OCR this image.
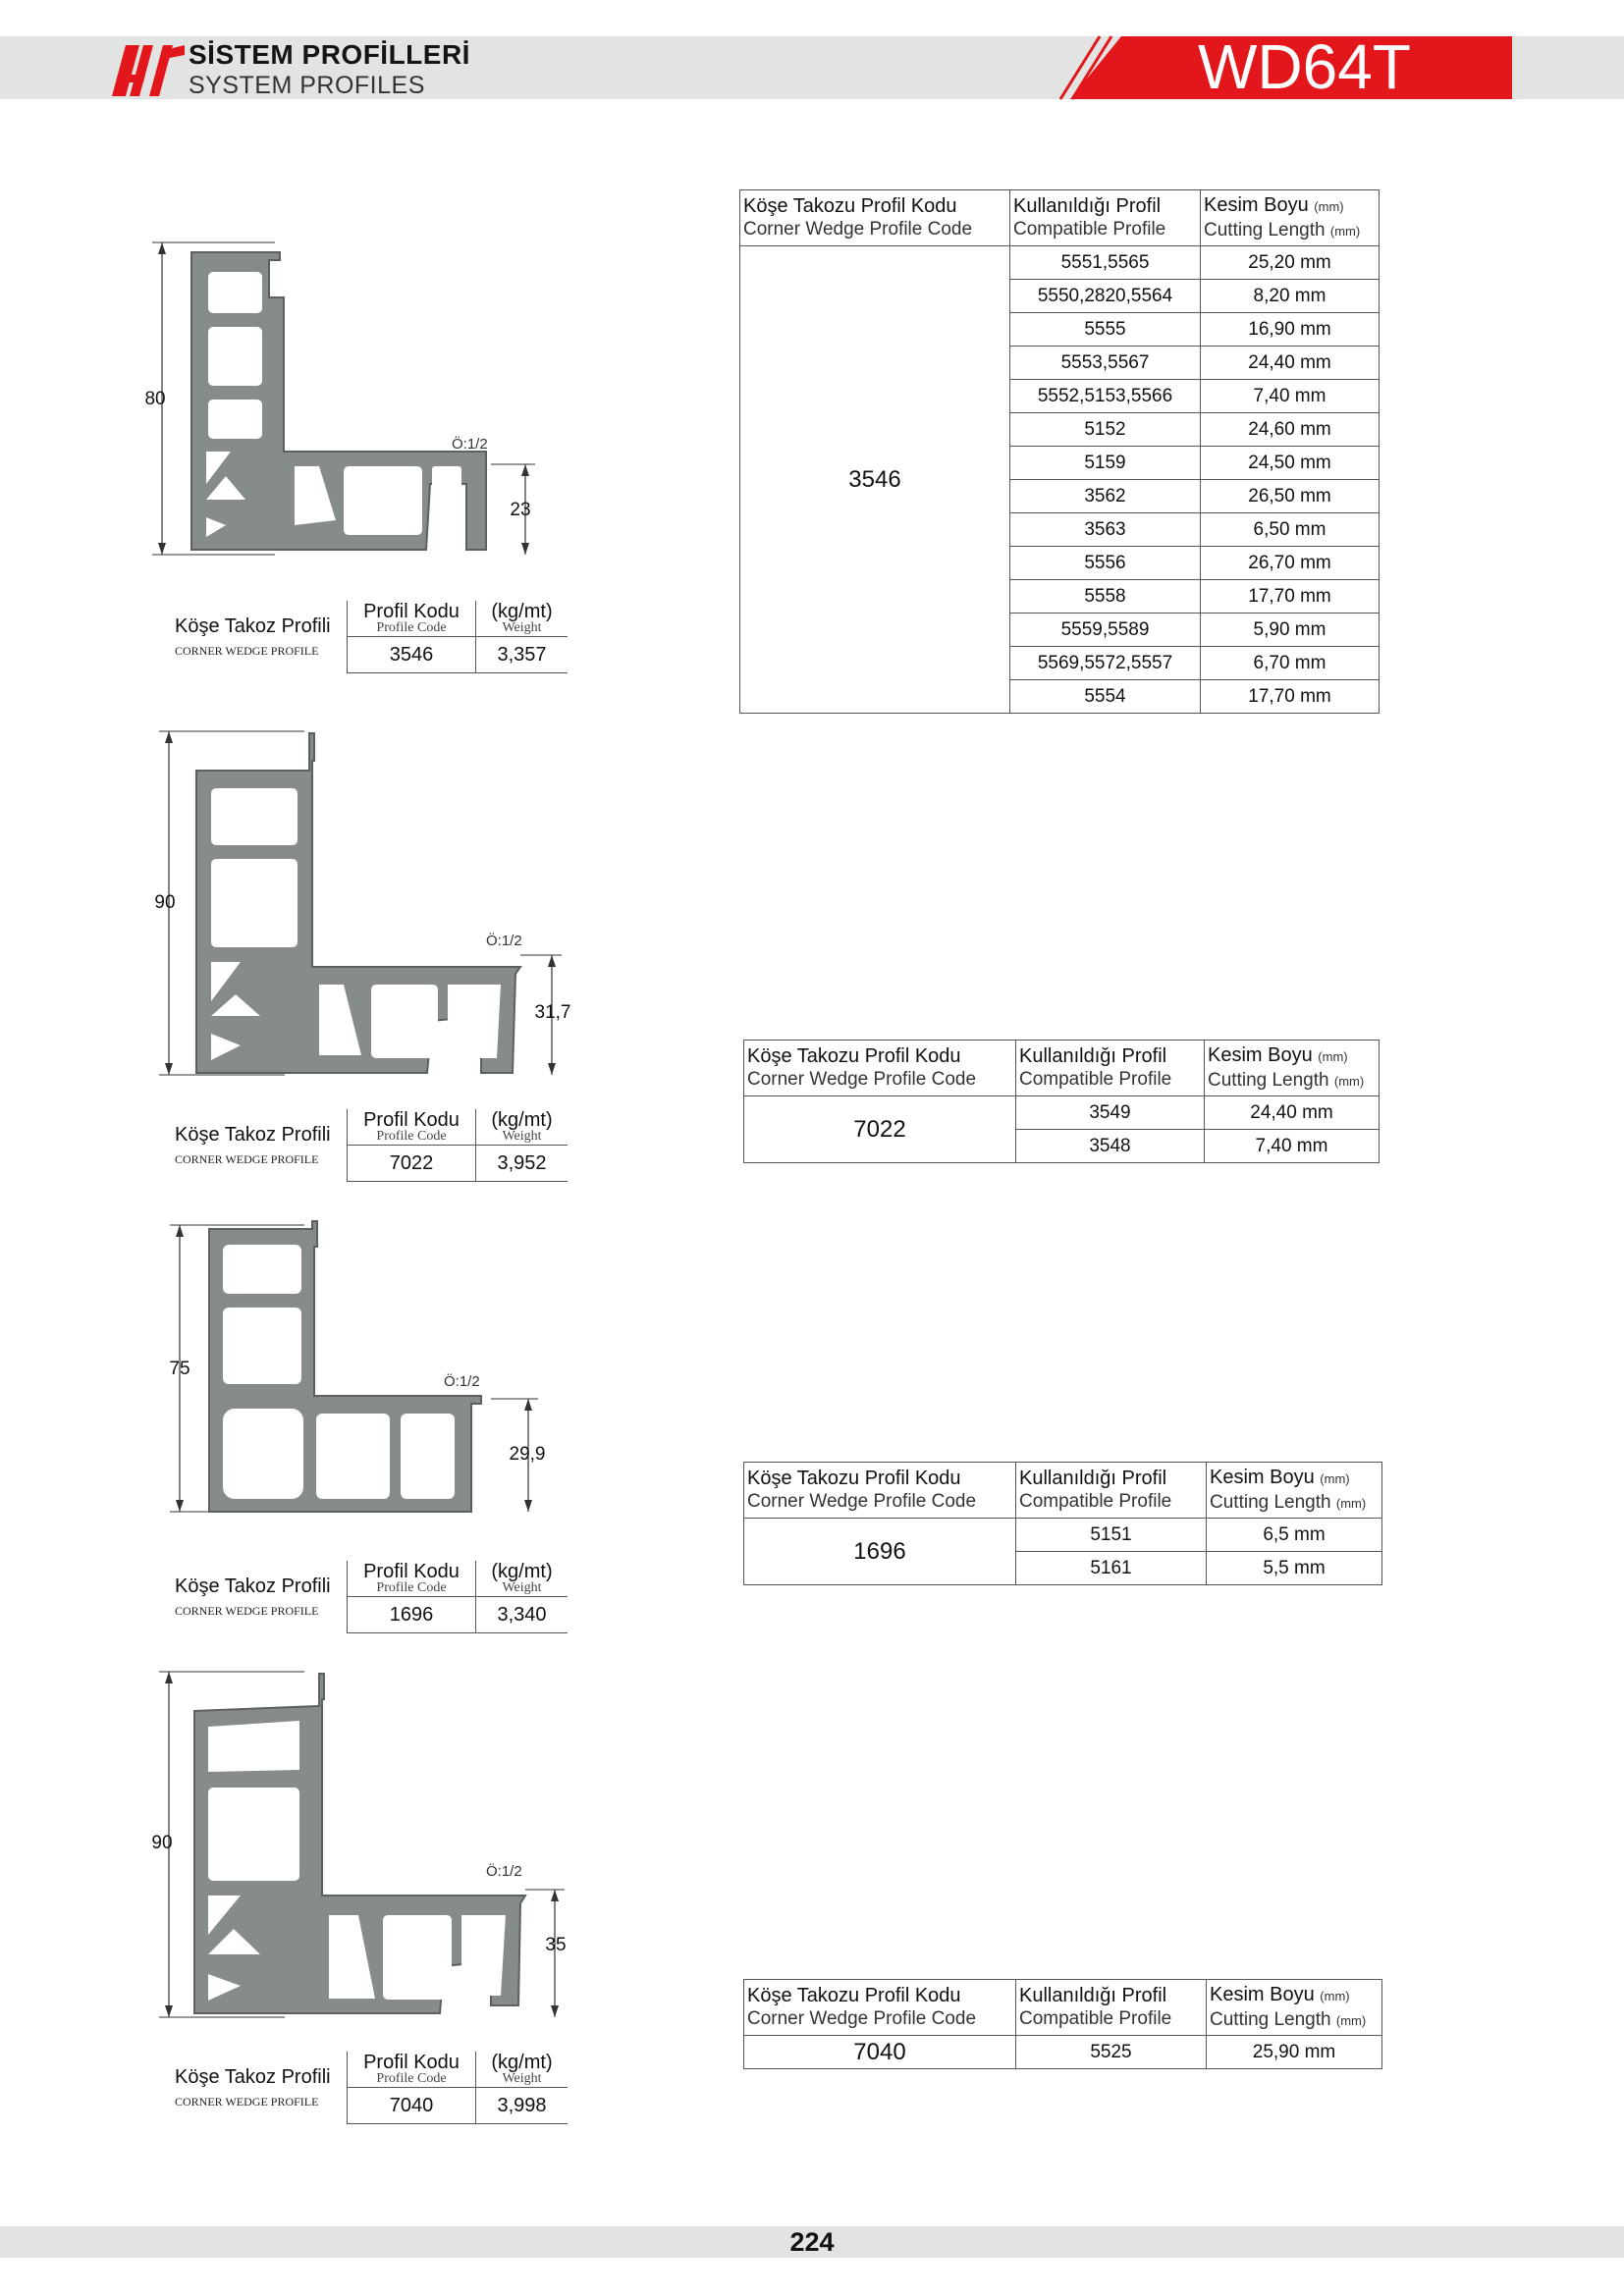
SİSTEM PROFİLLERİ
SYSTEM PROFILES	WD64T
80
Ö:1/2
23
Köşe Takoz Profili
CORNER WEDGE PROFILE	Profil Kodu
Profile Code	(kg/mt)
Weight

	3546	3,357
Köşe Takozu Profil Kodu
Corner Wedge Profile Code	Kullanıldığı Profil
Compatible Profile	Kesim Boyu (mm)
Cutting Length (mm)

3546	5551,5565	25,20 mm
	5550,2820,5564	8,20 mm
	5555	16,90 mm
	5553,5567	24,40 mm
	5552,5153,5566	7,40 mm
	5152	24,60 mm
	5159	24,50 mm
	3562	26,50 mm
	3563	6,50 mm
	5556	26,70 mm
	5558	17,70 mm
	5559,5589	5,90 mm
	5569,5572,5557	6,70 mm
	5554	17,70 mm
90
Ö:1/2
31,7
Köşe Takoz Profili
CORNER WEDGE PROFILE	Profil Kodu
Profile Code	(kg/mt)
Weight

	7022	3,952
Köşe Takozu Profil Kodu
Corner Wedge Profile Code	Kullanıldığı Profil
Compatible Profile	Kesim Boyu (mm)
Cutting Length (mm)

7022	3549	24,40 mm
	3548	7,40 mm
75
Ö:1/2
29,9
Köşe Takoz Profili
CORNER WEDGE PROFILE	Profil Kodu
Profile Code	(kg/mt)
Weight

	1696	3,340
Köşe Takozu Profil Kodu
Corner Wedge Profile Code	Kullanıldığı Profil
Compatible Profile	Kesim Boyu (mm)
Cutting Length (mm)

1696	5151	6,5 mm
	5161	5,5 mm
90
Ö:1/2
35
Köşe Takoz Profili
CORNER WEDGE PROFILE	Profil Kodu
Profile Code	(kg/mt)
Weight

	7040	3,998
Köşe Takozu Profil Kodu
Corner Wedge Profile Code	Kullanıldığı Profil
Compatible Profile	Kesim Boyu (mm)
Cutting Length (mm)

7040	5525	25,90 mm
224
